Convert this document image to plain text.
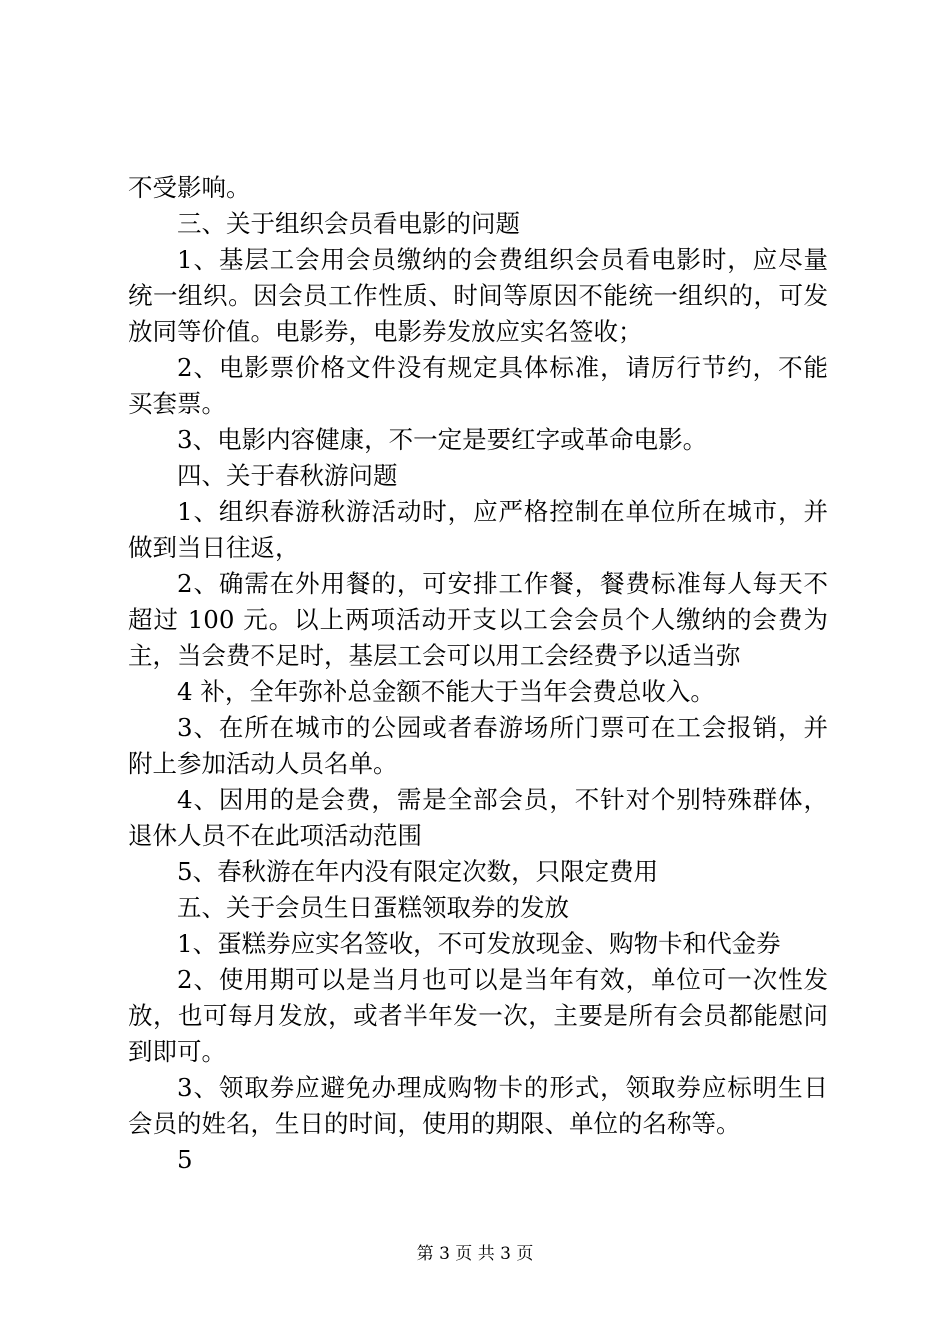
不受影响。

三、关于组织会员看电影的问题

1、基层工会用会员缴纳的会费组织会员看电影时，应尽量统一组织。因会员工作性质、时间等原因不能统一组织的，可发放同等价值。电影券，电影券发放应实名签收；

2、电影票价格文件没有规定具体标准，请厉行节约，不能买套票。

3、电影内容健康，不一定是要红字或革命电影。

四、关于春秋游问题

1、组织春游秋游活动时，应严格控制在单位所在城市，并做到当日往返，

2、确需在外用餐的，可安排工作餐，餐费标准每人每天不超过 100 元。以上两项活动开支以工会会员个人缴纳的会费为主，当会费不足时，基层工会可以用工会经费予以适当弥

4 补，全年弥补总金额不能大于当年会费总收入。

3、在所在城市的公园或者春游场所门票可在工会报销，并附上参加活动人员名单。

4、因用的是会费，需是全部会员，不针对个别特殊群体，退休人员不在此项活动范围

5、春秋游在年内没有限定次数，只限定费用

五、关于会员生日蛋糕领取券的发放

1、蛋糕券应实名签收，不可发放现金、购物卡和代金券

2、使用期可以是当月也可以是当年有效，单位可一次性发放，也可每月发放，或者半年发一次，主要是所有会员都能慰问到即可。

3、领取券应避免办理成购物卡的形式，领取券应标明生日会员的姓名，生日的时间，使用的期限、单位的名称等。

5

第 3 页 共 3 页
